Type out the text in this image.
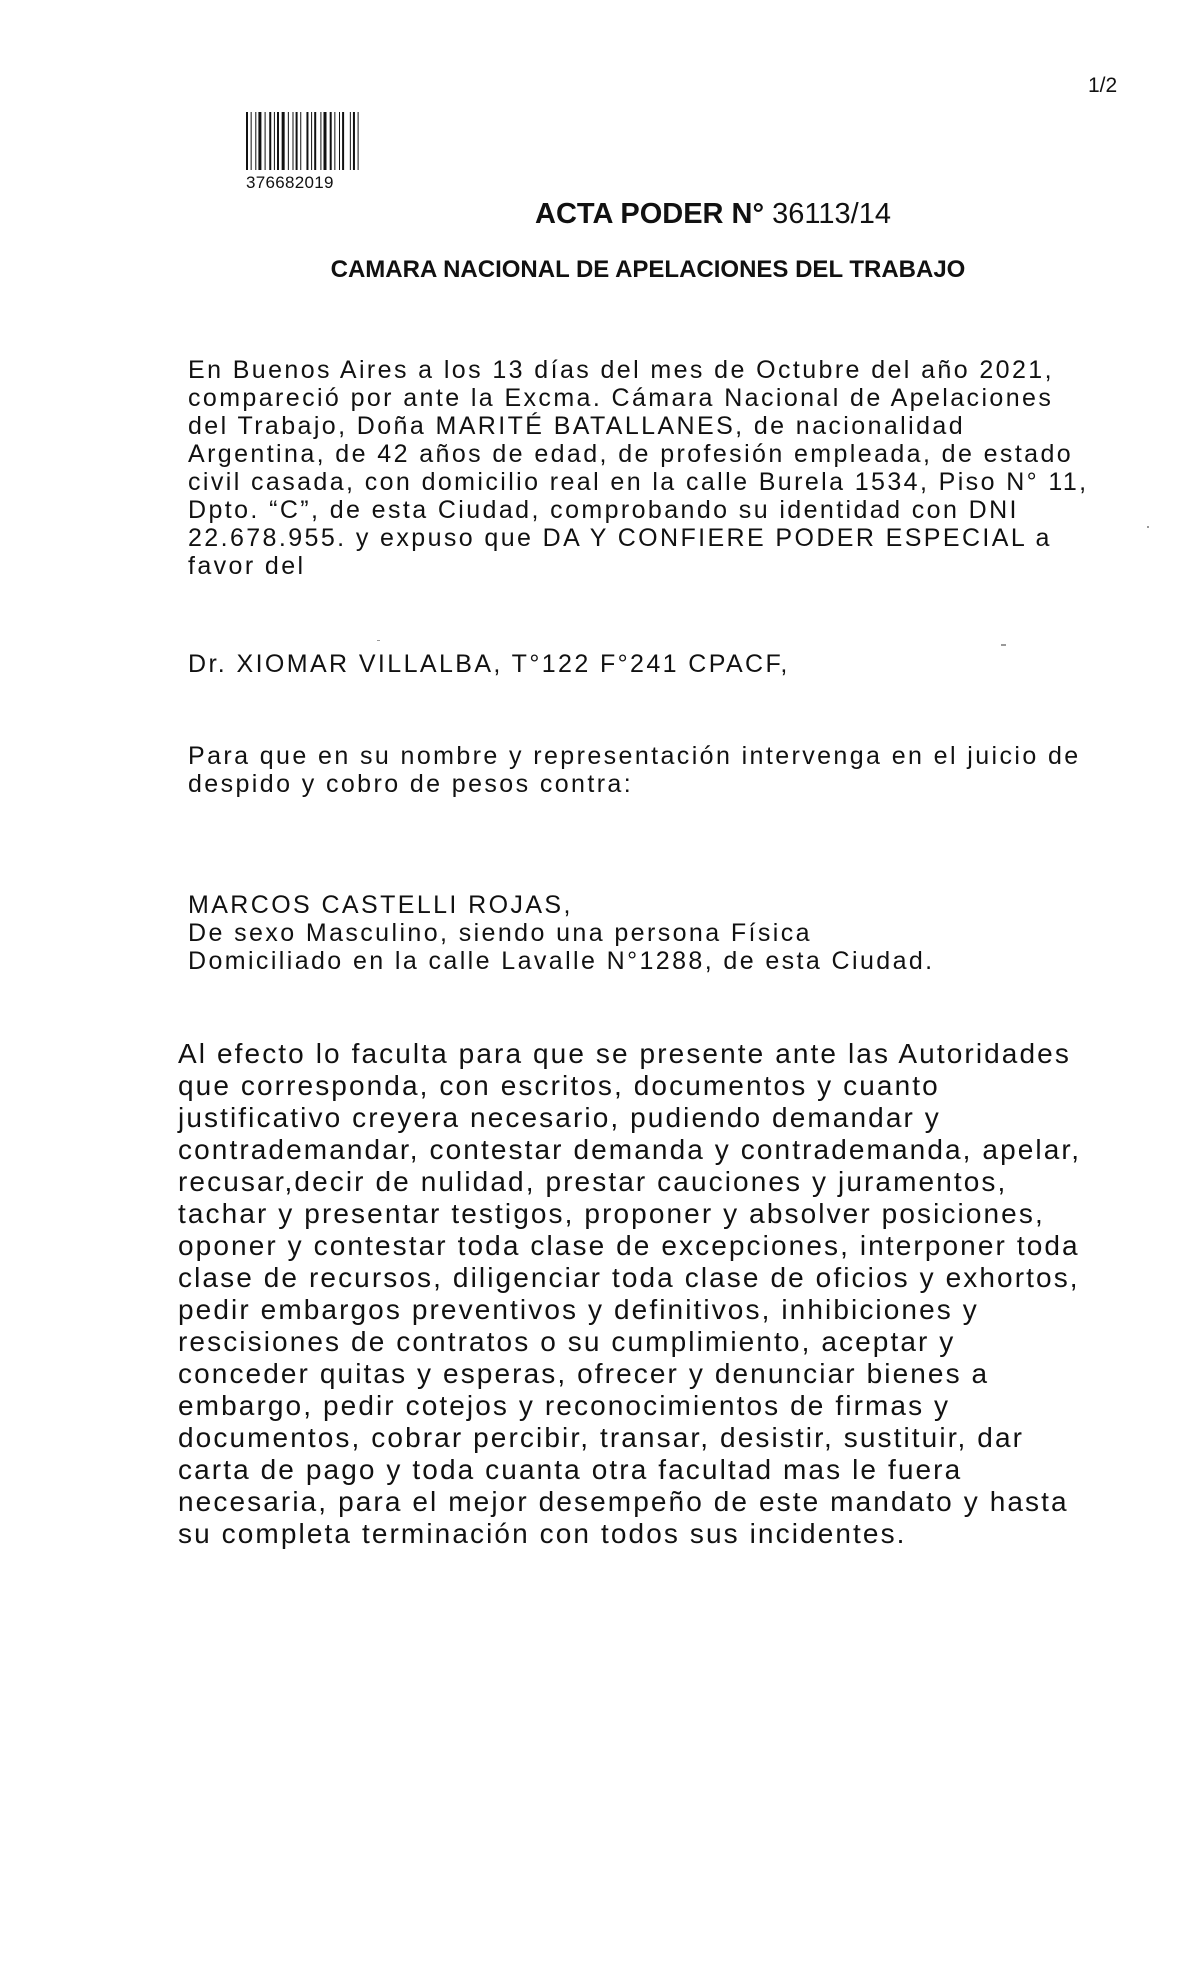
1/2
376682019
ACTA PODER N° 36113/14
CAMARA NACIONAL DE APELACIONES DEL TRABAJO
En Buenos Aires a los 13 días del mes de Octubre del año 2021,
compareció por ante la Excma. Cámara Nacional de Apelaciones
del Trabajo, Doña MARITÉ BATALLANES, de nacionalidad
Argentina, de 42 años de edad, de profesión empleada, de estado
civil casada, con domicilio real en la calle Burela 1534, Piso N° 11,
Dpto. “C”, de esta Ciudad, comprobando su identidad con DNI
22.678.955. y expuso que DA Y CONFIERE PODER ESPECIAL a
favor del
Dr. XIOMAR VILLALBA, T°122 F°241 CPACF,
Para que en su nombre y representación intervenga en el juicio de
despido y cobro de pesos contra:
MARCOS CASTELLI ROJAS,
De sexo Masculino, siendo una persona Física
Domiciliado en la calle Lavalle N°1288, de esta Ciudad.
Al efecto lo faculta para que se presente ante las Autoridades
que corresponda, con escritos, documentos y cuanto
justificativo creyera necesario, pudiendo demandar y
contrademandar, contestar demanda y contrademanda, apelar,
recusar,decir de nulidad, prestar cauciones y juramentos,
tachar y presentar testigos, proponer y absolver posiciones,
oponer y contestar toda clase de excepciones, interponer toda
clase de recursos, diligenciar toda clase de oficios y exhortos,
pedir embargos preventivos y definitivos, inhibiciones y
rescisiones de contratos o su cumplimiento, aceptar y
conceder quitas y esperas, ofrecer y denunciar bienes a
embargo, pedir cotejos y reconocimientos de firmas y
documentos, cobrar percibir, transar, desistir, sustituir, dar
carta de pago y toda cuanta otra facultad mas le fuera
necesaria, para el mejor desempeño de este mandato y hasta
su completa terminación con todos sus incidentes.
